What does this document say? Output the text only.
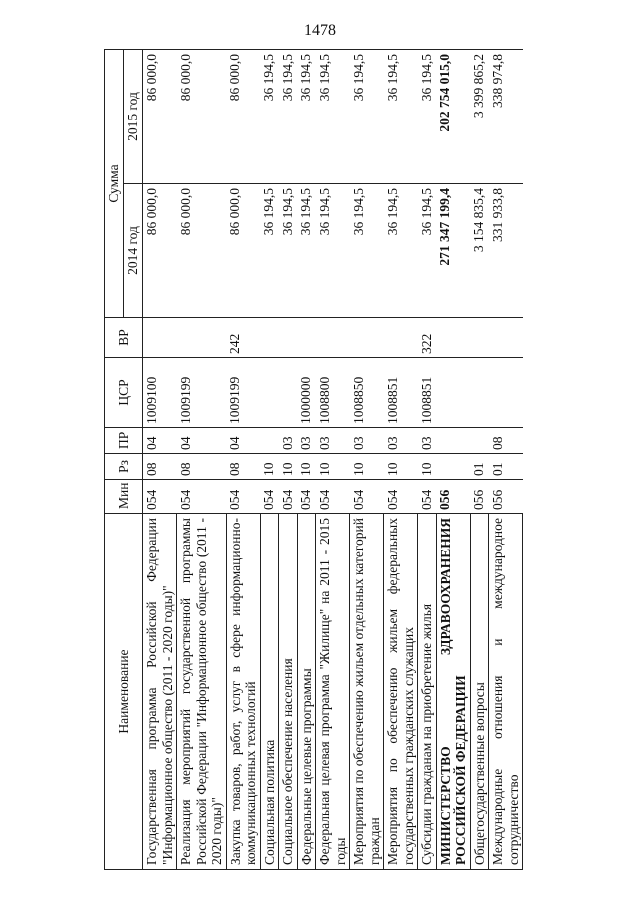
1478
Наименование	Мин	Рз	ПР	ЦСР	ВР	Сумма	
						2014 год	2015 год
Государственная программа Российской Федерации "Информационное общество (2011 - 2020 годы)"	054	08	04	1009100		86 000,0	86 000,0
Реализация мероприятий государственной программы Российской Федерации "Информационное общество (2011 - 2020 годы)"	054	08	04	1009199		86 000,0	86 000,0
Закупка товаров, работ, услуг в сфере информационно-коммуникационных технологий	054	08	04	1009199	242	86 000,0	86 000,0
Социальная политика	054	10				36 194,5	36 194,5
Социальное обеспечение населения	054	10	03			36 194,5	36 194,5
Федеральные целевые программы	054	10	03	1000000		36 194,5	36 194,5
Федеральная целевая программа "Жилище" на 2011 - 2015 годы	054	10	03	1008800		36 194,5	36 194,5
Мероприятия по обеспечению жильем отдельных категорий граждан	054	10	03	1008850		36 194,5	36 194,5
Мероприятия по обеспечению жильем федеральных государственных гражданских служащих	054	10	03	1008851		36 194,5	36 194,5
Субсидии гражданам на приобретение жилья	054	10	03	1008851	322	36 194,5	36 194,5
МИНИСТЕРСТВО ЗДРАВООХРАНЕНИЯ РОССИЙСКОЙ ФЕДЕРАЦИИ	056					271 347 199,4	202 754 015,0
Общегосударственные вопросы	056	01				3 154 835,4	3 399 865,2
Международные отношения и международное сотрудничество	056	01	08			331 933,8	338 974,8
